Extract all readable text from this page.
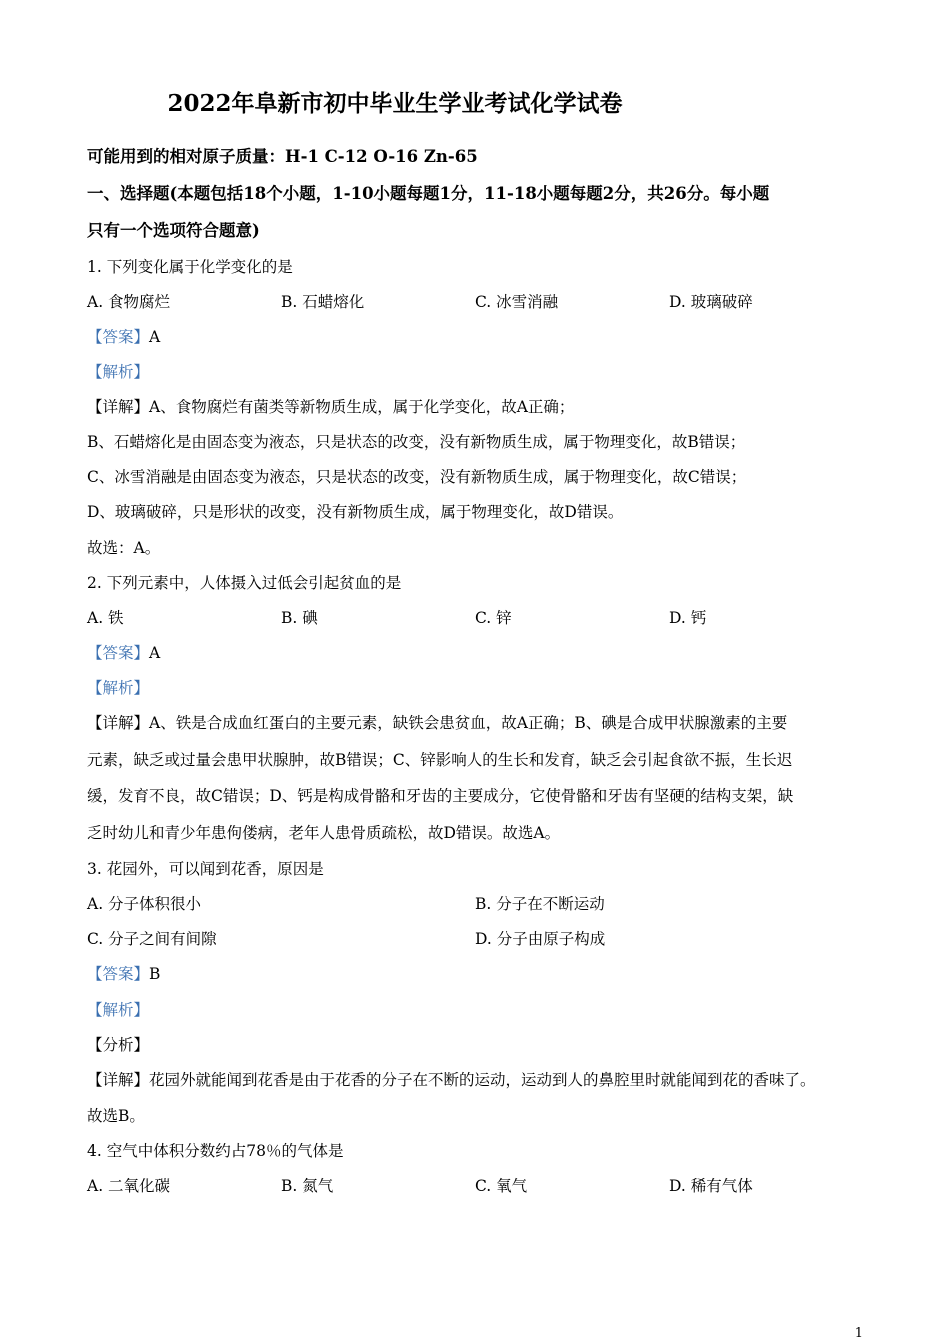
2022年阜新市初中毕业生学业考试化学试卷
可能用到的相对原子质量：H-1 C-12 O-16 Zn-65
一、选择题(本题包括18个小题，1-10小题每题1分，11-18小题每题2分，共26分。每小题
只有一个选项符合题意)
1. 下列变化属于化学变化的是
A. 食物腐烂	B. 石蜡熔化	C. 冰雪消融	D. 玻璃破碎
【答案】A
【解析】
【详解】A、食物腐烂有菌类等新物质生成，属于化学变化，故A正确；
B、石蜡熔化是由固态变为液态，只是状态的改变，没有新物质生成，属于物理变化，故B错误；
C、冰雪消融是由固态变为液态，只是状态的改变，没有新物质生成，属于物理变化，故C错误；
D、玻璃破碎，只是形状的改变，没有新物质生成，属于物理变化，故D错误。
故选：A。
2. 下列元素中，人体摄入过低会引起贫血的是
A. 铁	B. 碘	C. 锌	D. 钙
【答案】A
【解析】
【详解】A、铁是合成血红蛋白的主要元素，缺铁会患贫血，故A正确；B、碘是合成甲状腺激素的主要
元素，缺乏或过量会患甲状腺肿，故B错误；C、锌影响人的生长和发育，缺乏会引起食欲不振，生长迟
缓，发育不良，故C错误；D、钙是构成骨骼和牙齿的主要成分，它使骨骼和牙齿有坚硬的结构支架，缺
乏时幼儿和青少年患佝偻病，老年人患骨质疏松，故D错误。故选A。
3. 花园外，可以闻到花香，原因是
A. 分子体积很小	B. 分子在不断运动
C. 分子之间有间隙	D. 分子由原子构成
【答案】B
【解析】
【分析】
【详解】花园外就能闻到花香是由于花香的分子在不断的运动，运动到人的鼻腔里时就能闻到花的香味了。
故选B。
4. 空气中体积分数约占78％的气体是
A. 二氧化碳	B. 氮气	C. 氧气	D. 稀有气体
1
